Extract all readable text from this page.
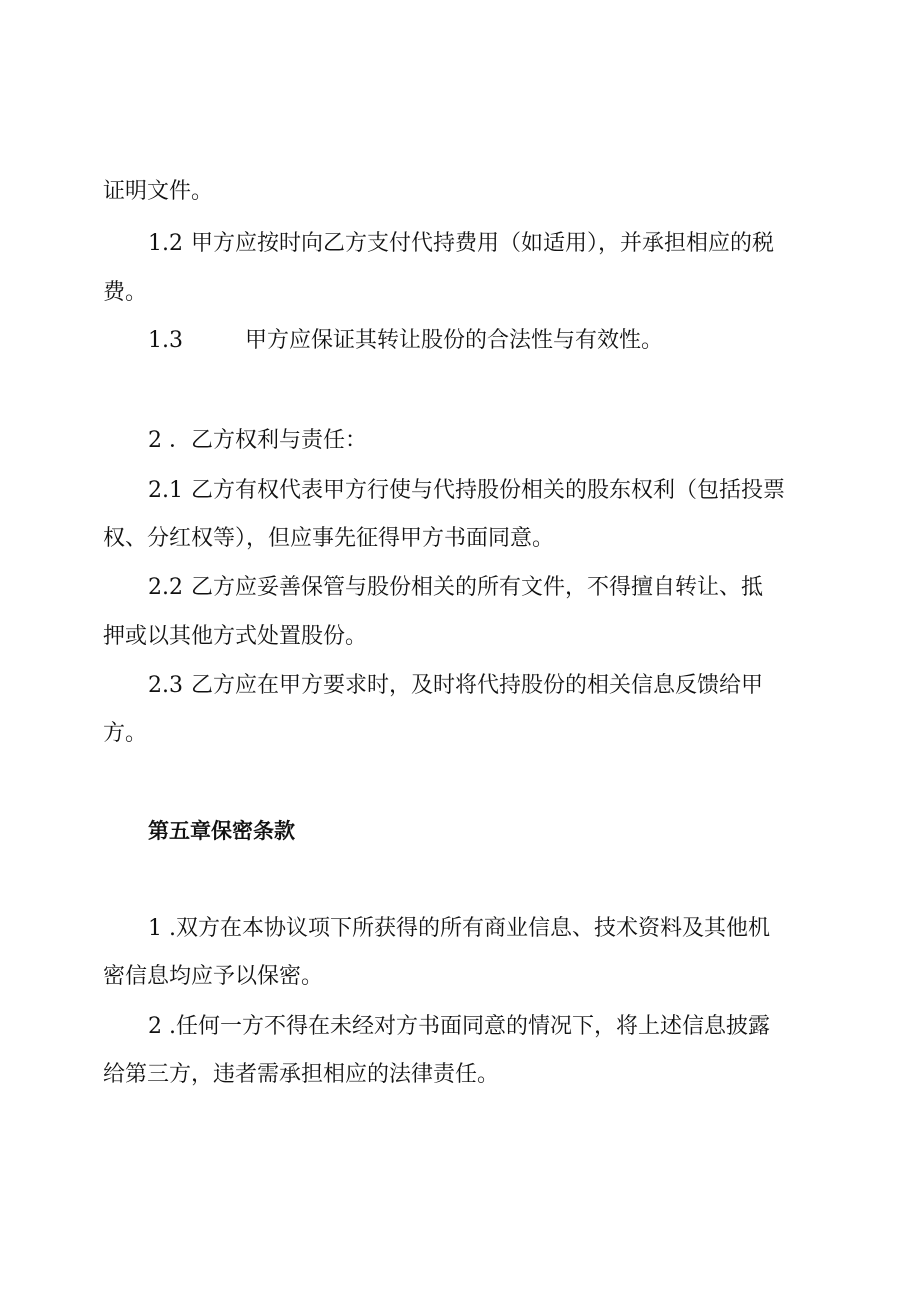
证明文件。

1.2 甲方应按时向乙方支付代持费用（如适用），并承担相应的税

费。

1.3	甲方应保证其转让股份的合法性与有效性。

2 ．乙方权利与责任：

2.1 乙方有权代表甲方行使与代持股份相关的股东权利（包括投票

权、分红权等），但应事先征得甲方书面同意。

2.2 乙方应妥善保管与股份相关的所有文件，不得擅自转让、抵

押或以其他方式处置股份。

2.3 乙方应在甲方要求时，及时将代持股份的相关信息反馈给甲

方。

第五章保密条款

1 .双方在本协议项下所获得的所有商业信息、技术资料及其他机

密信息均应予以保密。

2 .任何一方不得在未经对方书面同意的情况下，将上述信息披露

给第三方，违者需承担相应的法律责任。
